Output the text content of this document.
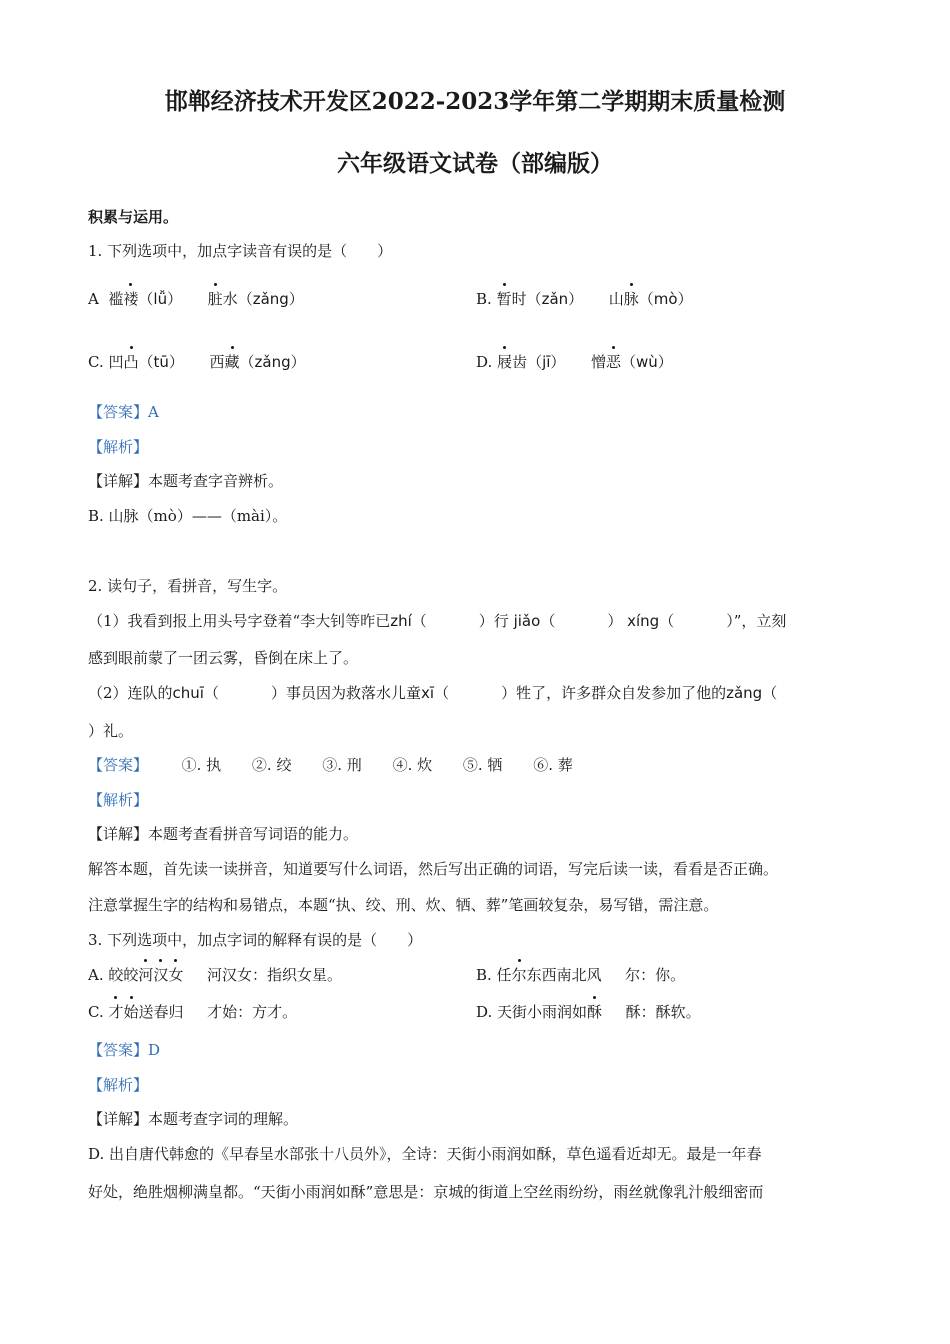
邯郸经济技术开发区2022-2023学年第二学期期末质量检测
六年级语文试卷（部编版）
积累与运用。
1. 下列选项中，加点字读音有误的是（　　）
A 褴褛（lǚ） 脏水（zǎng）	B. 暂时（zǎn） 山脉（mò）
C. 凹凸（tū） 西藏（zǎng）	D. 屐齿（jī） 憎恶（wù）
【答案】A
【解析】
【详解】本题考查字音辨析。
B. 山脉（mò）——（mài）。
2. 读句子，看拼音，写生字。
（1）我看到报上用头号字登着“李大钊等昨已zhí（	）行 jiǎo（	） xíng（	）”，立刻
感到眼前蒙了一团云雾，昏倒在床上了。
（2）连队的chuī（	）事员因为救落水儿童xī（	）牲了，许多群众自发参加了他的zǎng（
）礼。
【答案】 ①. 执 ②. 绞 ③. 刑 ④. 炊 ⑤. 牺 ⑥. 葬
【解析】
【详解】本题考查看拼音写词语的能力。
解答本题，首先读一读拼音，知道要写什么词语，然后写出正确的词语，写完后读一读，看看是否正确。
注意掌握生字的结构和易错点，本题“执、绞、刑、炊、牺、葬”笔画较复杂，易写错，需注意。
3. 下列选项中，加点字词的解释有误的是（　　）
A. 皎皎河汉女 河汉女：指织女星。	B. 任尔东西南北风 尔：你。
C. 才始送春归 才始：方才。	D. 天街小雨润如酥 酥：酥软。
【答案】D
【解析】
【详解】本题考查字词的理解。
D. 出自唐代韩愈的《早春呈水部张十八员外》，全诗：天街小雨润如酥，草色遥看近却无。最是一年春
好处，绝胜烟柳满皇都。“天街小雨润如酥”意思是：京城的街道上空丝雨纷纷，雨丝就像乳汁般细密而
